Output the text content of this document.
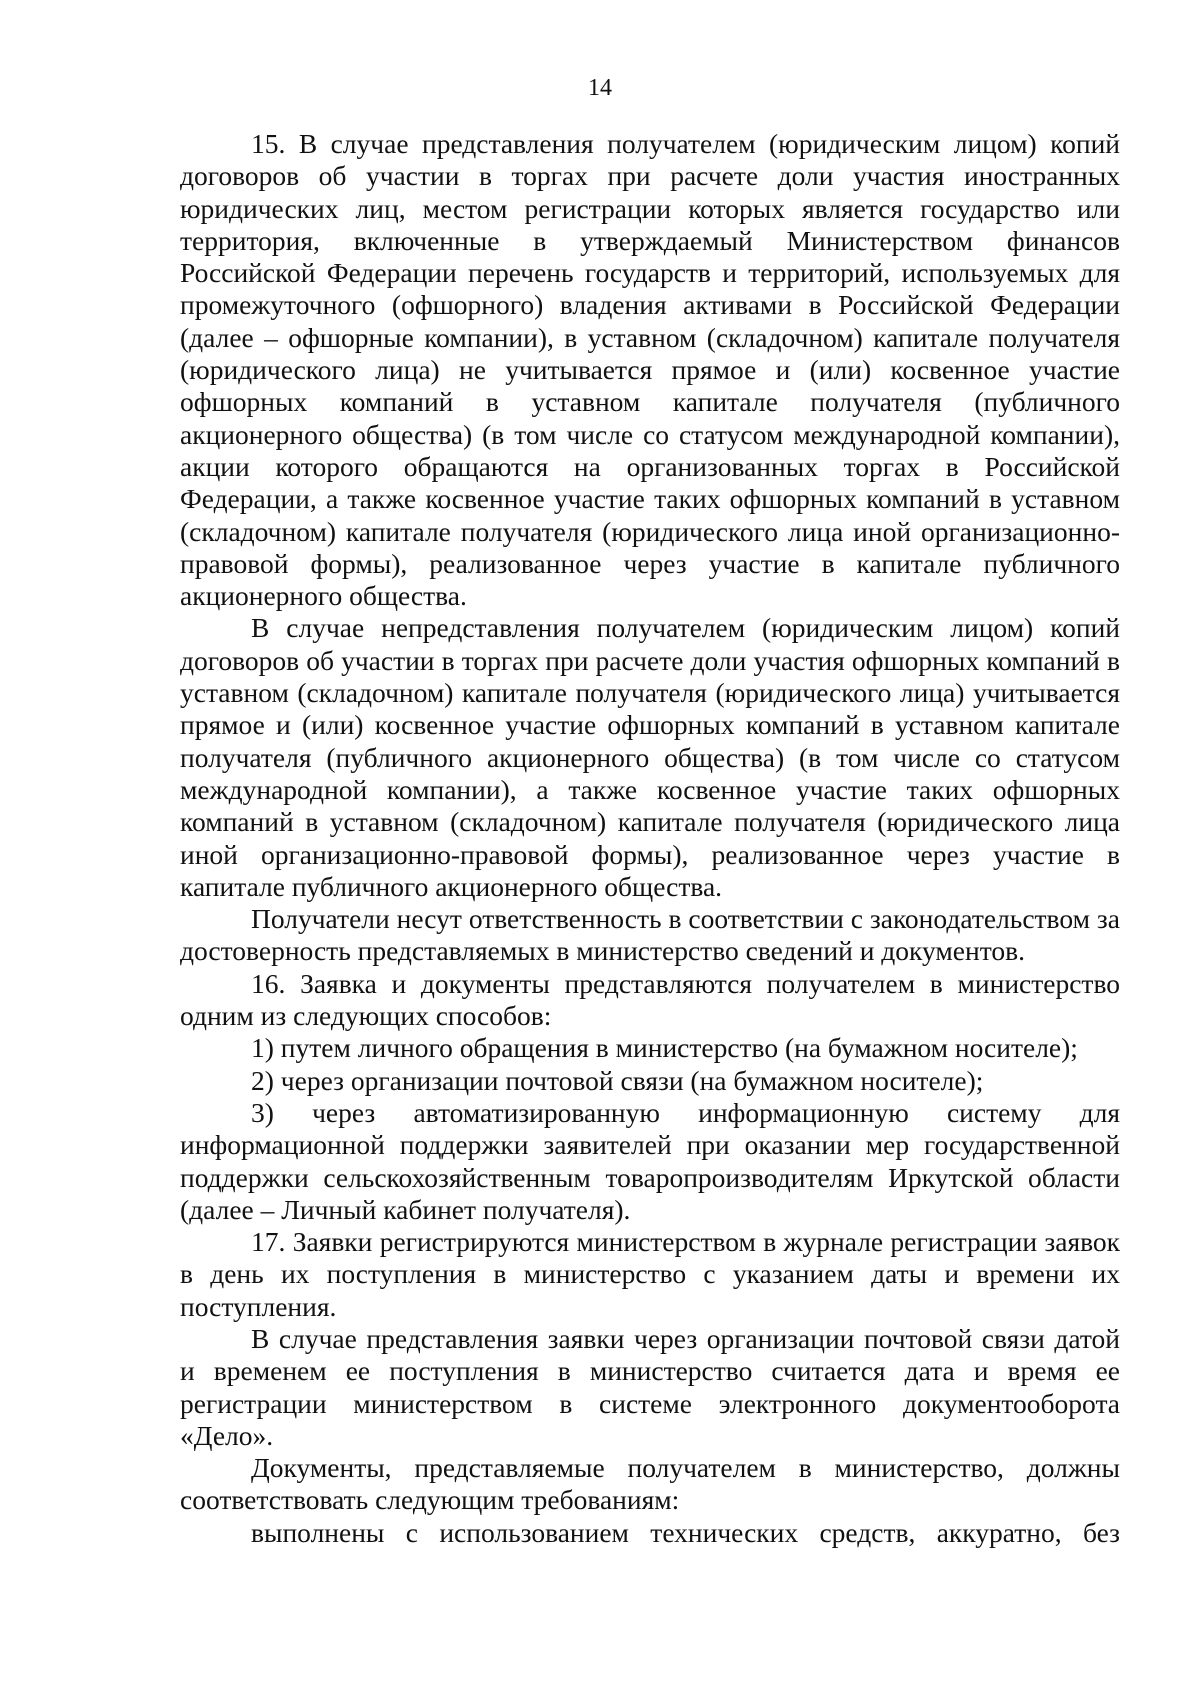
14

15. В случае представления получателем (юридическим лицом) копий договоров об участии в торгах при расчете доли участия иностранных юридических лиц, местом регистрации которых является государство или территория, включенные в утверждаемый Министерством финансов Российской Федерации перечень государств и территорий, используемых для промежуточного (офшорного) владения активами в Российской Федерации (далее – офшорные компании), в уставном (складочном) капитале получателя (юридического лица) не учитывается прямое и (или) косвенное участие офшорных компаний в уставном капитале получателя (публичного акционерного общества) (в том числе со статусом международной компании), акции которого обращаются на организованных торгах в Российской Федерации, а также косвенное участие таких офшорных компаний в уставном (складочном) капитале получателя (юридического лица иной организационно-правовой формы), реализованное через участие в капитале публичного акционерного общества.

В случае непредставления получателем (юридическим лицом) копий договоров об участии в торгах при расчете доли участия офшорных компаний в уставном (складочном) капитале получателя (юридического лица) учитывается прямое и (или) косвенное участие офшорных компаний в уставном капитале получателя (публичного акционерного общества) (в том числе со статусом международной компании), а также косвенное участие таких офшорных компаний в уставном (складочном) капитале получателя (юридического лица иной организационно-правовой формы), реализованное через участие в капитале публичного акционерного общества.

Получатели несут ответственность в соответствии с законодательством за достоверность представляемых в министерство сведений и документов.

16. Заявка и документы представляются получателем в министерство одним из следующих способов:

1) путем личного обращения в министерство (на бумажном носителе);

2) через организации почтовой связи (на бумажном носителе);

3) через автоматизированную информационную систему для информационной поддержки заявителей при оказании мер государственной поддержки сельскохозяйственным товаропроизводителям Иркутской области (далее – Личный кабинет получателя).

17. Заявки регистрируются министерством в журнале регистрации заявок в день их поступления в министерство с указанием даты и времени их поступления.

В случае представления заявки через организации почтовой связи датой и временем ее поступления в министерство считается дата и время ее регистрации министерством в системе электронного документооборота «Дело».

Документы, представляемые получателем в министерство, должны соответствовать следующим требованиям:

выполнены с использованием технических средств, аккуратно, без
